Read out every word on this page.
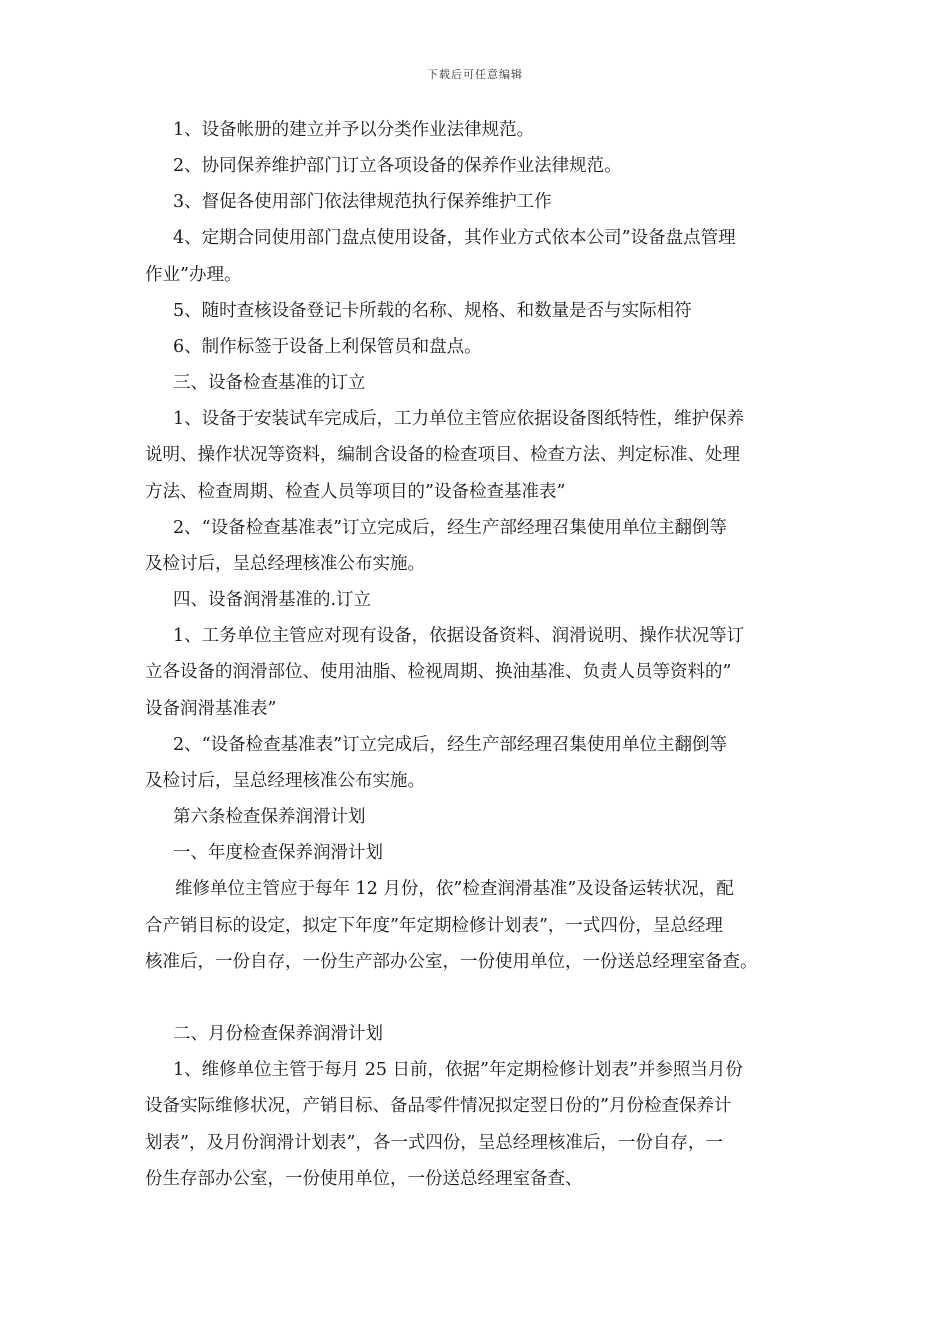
下载后可任意编辑
1、设备帐册的建立并予以分类作业法律规范。
2、协同保养维护部门订立各项设备的保养作业法律规范。
3、督促各使用部门依法律规范执行保养维护工作
4、定期合同使用部门盘点使用设备，其作业方式依本公司”设备盘点管理
作业”办理。
5、随时查核设备登记卡所载的名称、规格、和数量是否与实际相符
6、制作标签于设备上利保管员和盘点。
三、设备检查基准的订立
1、设备于安装试车完成后，工力单位主管应依据设备图纸特性，维护保养
说明、操作状况等资料，编制含设备的检查项目、检查方法、判定标准、处理
方法、检查周期、检查人员等项目的”设备检查基准表”
2、“设备检查基准表”订立完成后，经生产部经理召集使用单位主翻倒等
及检讨后，呈总经理核准公布实施。
四、设备润滑基准的.订立
1、工务单位主管应对现有设备，依据设备资料、润滑说明、操作状况等订
立各设备的润滑部位、使用油脂、检视周期、换油基准、负责人员等资料的”
设备润滑基准表”
2、“设备检查基准表”订立完成后，经生产部经理召集使用单位主翻倒等
及检讨后，呈总经理核准公布实施。
第六条检查保养润滑计划
一、年度检查保养润滑计划
维修单位主管应于每年 12 月份，依”检查润滑基准”及设备运转状况，配
合产销目标的设定，拟定下年度”年定期检修计划表”，一式四份，呈总经理
核准后，一份自存，一份生产部办公室，一份使用单位，一份送总经理室备查。
二、月份检查保养润滑计划
1、维修单位主管于每月 25 日前，依据”年定期检修计划表”并参照当月份
设备实际维修状况，产销目标、备品零件情况拟定翌日份的”月份检查保养计
划表”，及月份润滑计划表”，各一式四份，呈总经理核准后，一份自存，一
份生存部办公室，一份使用单位，一份送总经理室备查、
